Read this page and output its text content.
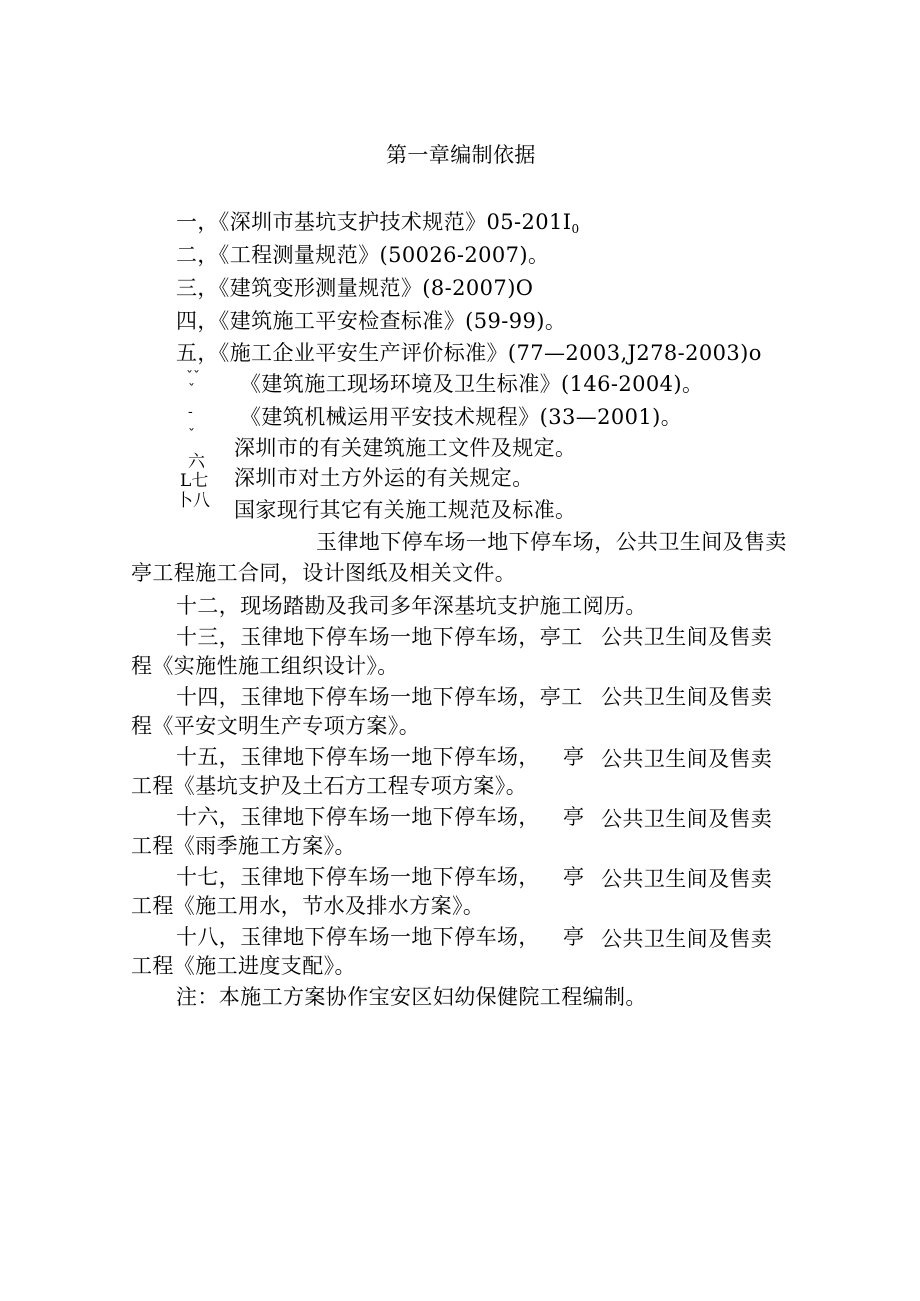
第一章编制依据
一，《深圳市基坑支护技术规范》$05-201I_0$
二，《工程测量规范》(50026-2007)。
三，《建筑变形测量规范》(8-2007)O
四，《建筑施工平安检查标准》(59-99)。
五，《施工企业平安生产评价标准》(77—2003,J278-2003)o
ˇˇ
ˇ 《建筑施工现场环境及卫生标准》(146-2004)。
- 《建筑机械运用平安技术规程》(33—2001)。
ˇ
深圳市的有关建筑施工文件及规定。
六
L七 深圳市对土方外运的有关规定。
卜八 国家现行其它有关施工规范及标准。
玉律地下停车场一地下停车场，公共卫生间及售卖
亭工程施工合同，设计图纸及相关文件。
十二，现场踏勘及我司多年深基坑支护施工阅历。
十三，玉律地下停车场一地下停车场，亭工 公共卫生间及售卖
程《实施性施工组织设计》。
十四，玉律地下停车场一地下停车场，亭工 公共卫生间及售卖
程《平安文明生产专项方案》。
十五，玉律地下停车场一地下停车场， 亭 公共卫生间及售卖
工程《基坑支护及土石方工程专项方案》。
十六，玉律地下停车场一地下停车场， 亭 公共卫生间及售卖
工程《雨季施工方案》。
十七，玉律地下停车场一地下停车场， 亭 公共卫生间及售卖
工程《施工用水，节水及排水方案》。
十八，玉律地下停车场一地下停车场， 亭 公共卫生间及售卖
工程《施工进度支配》。
注：本施工方案协作宝安区妇幼保健院工程编制。
